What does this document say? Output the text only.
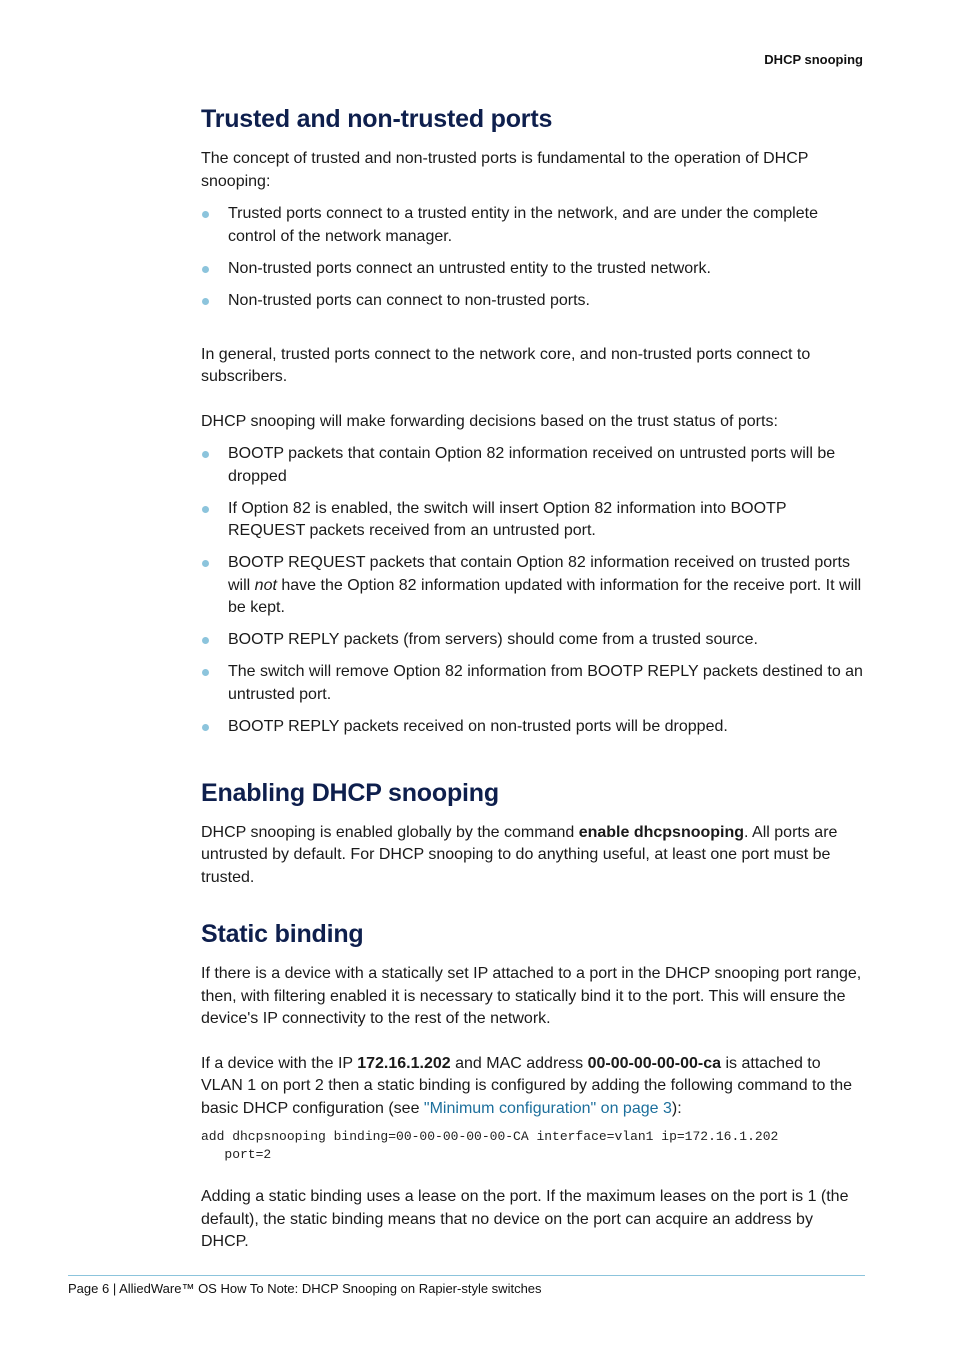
DHCP snooping
Trusted and non-trusted ports

The concept of trusted and non-trusted ports is fundamental to the operation of DHCP snooping:

Trusted ports connect to a trusted entity in the network, and are under the complete control of the network manager.
Non-trusted ports connect an untrusted entity to the trusted network.
Non-trusted ports can connect to non-trusted ports.

In general, trusted ports connect to the network core, and non-trusted ports connect to subscribers.

DHCP snooping will make forwarding decisions based on the trust status of ports:

BOOTP packets that contain Option 82 information received on untrusted ports will be dropped
If Option 82 is enabled, the switch will insert Option 82 information into BOOTP REQUEST packets received from an untrusted port.
BOOTP REQUEST packets that contain Option 82 information received on trusted ports will not have the Option 82 information updated with information for the receive port. It will be kept.
BOOTP REPLY packets (from servers) should come from a trusted source.
The switch will remove Option 82 information from BOOTP REPLY packets destined to an untrusted port.
BOOTP REPLY packets received on non-trusted ports will be dropped.
Enabling DHCP snooping

DHCP snooping is enabled globally by the command enable dhcpsnooping. All ports are untrusted by default. For DHCP snooping to do anything useful, at least one port must be trusted.

Static binding

If there is a device with a statically set IP attached to a port in the DHCP snooping port range, then, with filtering enabled it is necessary to statically bind it to the port. This will ensure the device's IP connectivity to the rest of the network.

If a device with the IP 172.16.1.202 and MAC address 00-00-00-00-00-ca is attached to VLAN 1 on port 2 then a static binding is configured by adding the following command to the basic DHCP configuration (see "Minimum configuration" on page 3):

add dhcpsnooping binding=00-00-00-00-00-CA interface=vlan1 ip=172.16.1.202
port=2

Adding a static binding uses a lease on the port. If the maximum leases on the port is 1 (the default), the static binding means that no device on the port can acquire an address by DHCP.

Page 6 | AlliedWare™ OS How To Note: DHCP Snooping on Rapier-style switches
